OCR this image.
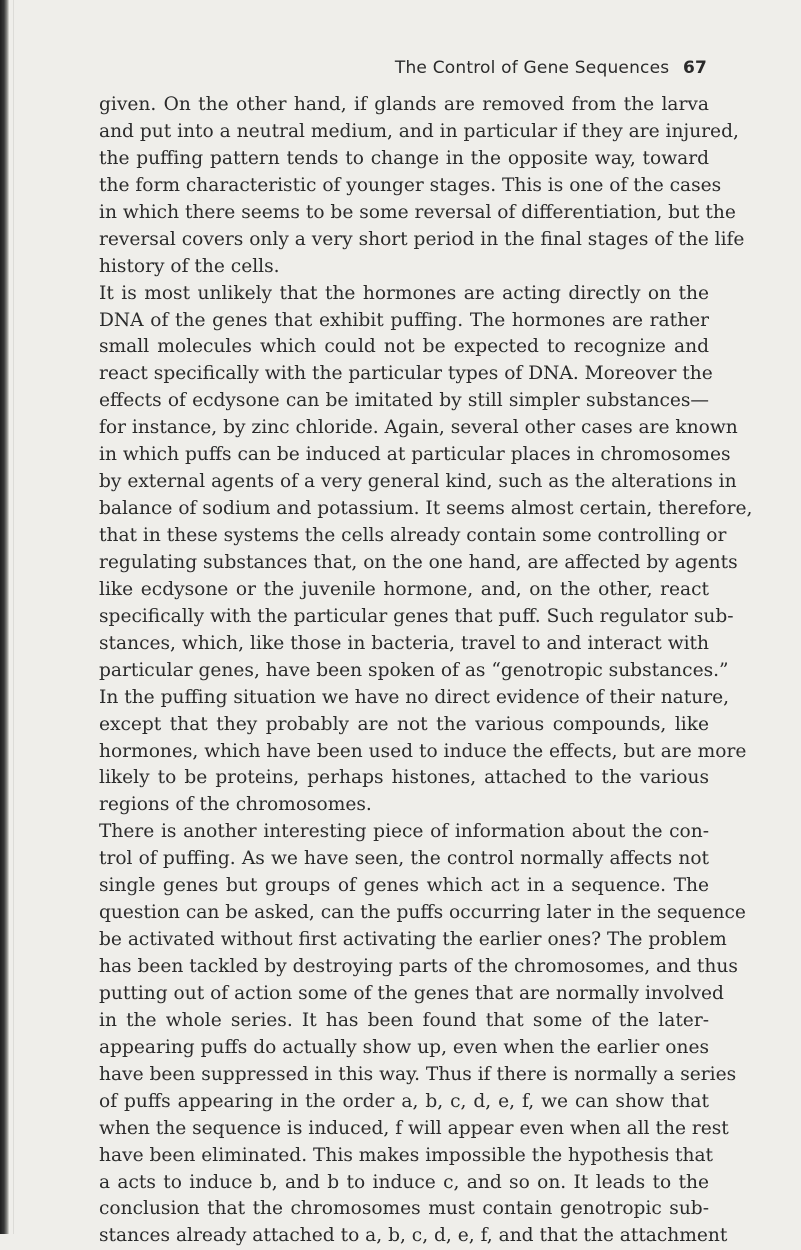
The Control of Gene Sequences 67
given. On the other hand, if glands are removed from the larva
and put into a neutral medium, and in particular if they are injured,
the puffing pattern tends to change in the opposite way, toward
the form characteristic of younger stages. This is one of the cases
in which there seems to be some reversal of differentiation, but the
reversal covers only a very short period in the final stages of the life
history of the cells.
It is most unlikely that the hormones are acting directly on the
DNA of the genes that exhibit puffing. The hormones are rather
small molecules which could not be expected to recognize and
react specifically with the particular types of DNA. Moreover the
effects of ecdysone can be imitated by still simpler substances—
for instance, by zinc chloride. Again, several other cases are known
in which puffs can be induced at particular places in chromosomes
by external agents of a very general kind, such as the alterations in
balance of sodium and potassium. It seems almost certain, therefore,
that in these systems the cells already contain some controlling or
regulating substances that, on the one hand, are affected by agents
like ecdysone or the juvenile hormone, and, on the other, react
specifically with the particular genes that puff. Such regulator sub-
stances, which, like those in bacteria, travel to and interact with
particular genes, have been spoken of as “genotropic substances.”
In the puffing situation we have no direct evidence of their nature,
except that they probably are not the various compounds, like
hormones, which have been used to induce the effects, but are more
likely to be proteins, perhaps histones, attached to the various
regions of the chromosomes.
There is another interesting piece of information about the con-
trol of puffing. As we have seen, the control normally affects not
single genes but groups of genes which act in a sequence. The
question can be asked, can the puffs occurring later in the sequence
be activated without first activating the earlier ones? The problem
has been tackled by destroying parts of the chromosomes, and thus
putting out of action some of the genes that are normally involved
in the whole series. It has been found that some of the later-
appearing puffs do actually show up, even when the earlier ones
have been suppressed in this way. Thus if there is normally a series
of puffs appearing in the order a, b, c, d, e, f, we can show that
when the sequence is induced, f will appear even when all the rest
have been eliminated. This makes impossible the hypothesis that
a acts to induce b, and b to induce c, and so on. It leads to the
conclusion that the chromosomes must contain genotropic sub-
stances already attached to a, b, c, d, e, f, and that the attachment
